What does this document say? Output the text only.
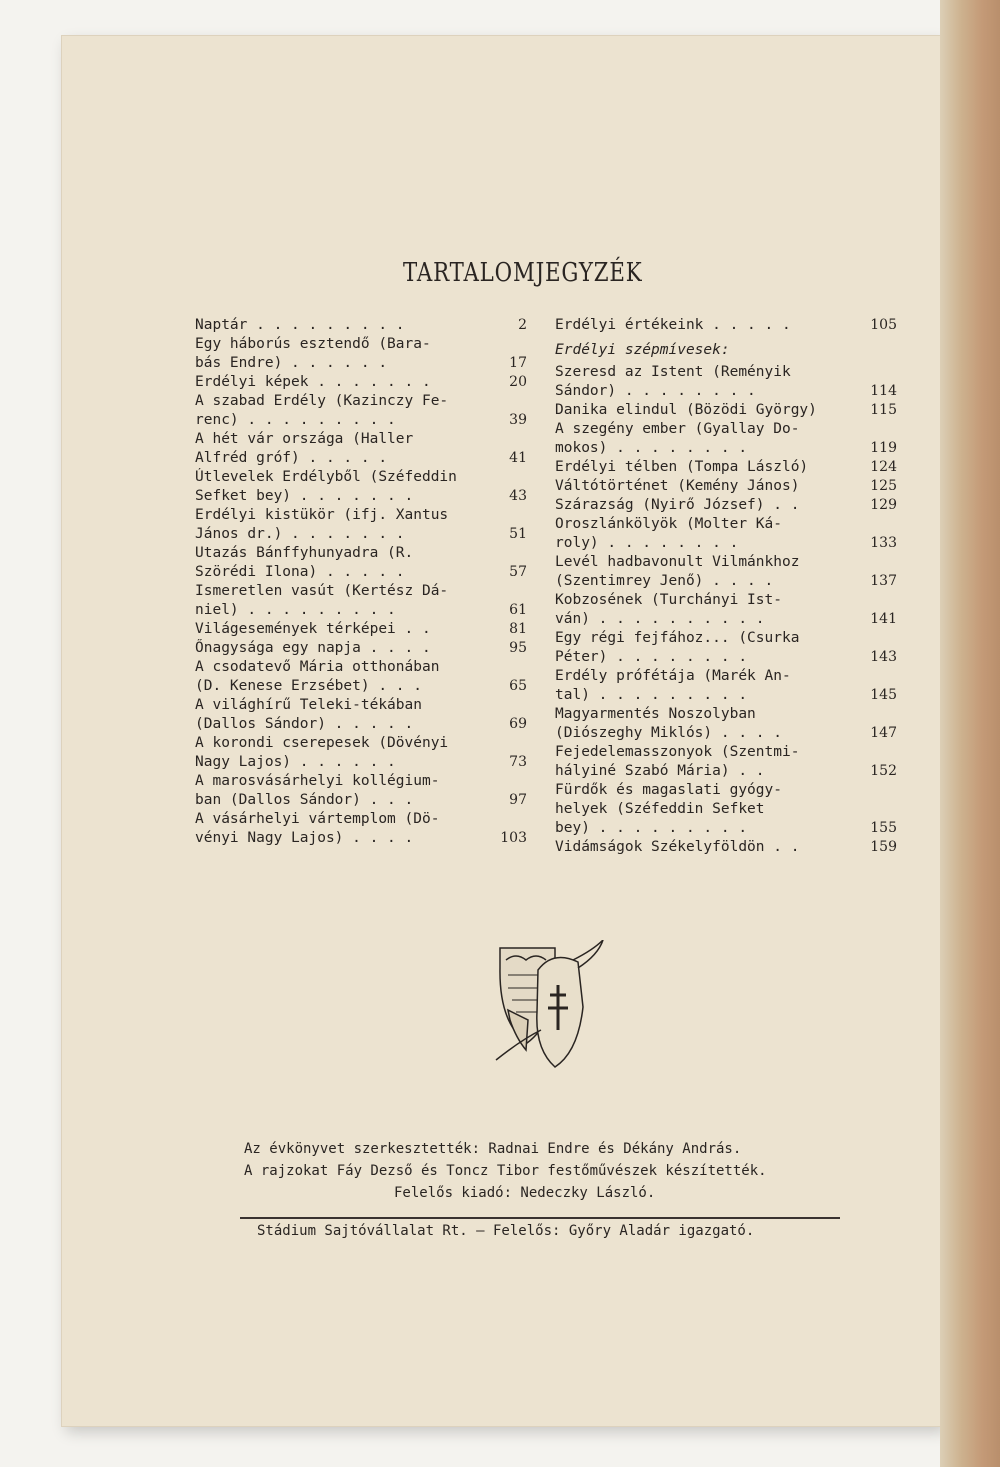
TARTALOMJEGYZÉK
Naptár . . . . . . . . .	2
Egy háborús esztendő (Bara-
bás Endre) . . . . . .	17
Erdélyi képek . . . . . . .	20
A szabad Erdély (Kazinczy Fe-
renc) . . . . . . . . .	39
A hét vár országa (Haller
Alfréd gróf) . . . . .	41
Útlevelek Erdélyből (Széfeddin
Sefket bey) . . . . . . .	43
Erdélyi kistükör (ifj. Xantus
János dr.) . . . . . . .	51
Utazás Bánffyhunyadra (R.
Szörédi Ilona) . . . . .	57
Ismeretlen vasút (Kertész Dá-
niel) . . . . . . . . .	61
Világesemények térképei . .	81
Őnagysága egy napja . . . .	95
A csodatevő Mária otthonában
(D. Kenese Erzsébet) . . .	65
A világhírű Teleki-tékában
(Dallos Sándor) . . . . .	69
A korondi cserepesek (Dövényi
Nagy Lajos) . . . . . .	73
A marosvásárhelyi kollégium-
ban (Dallos Sándor) . . .	97
A vásárhelyi vártemplom (Dö-
vényi Nagy Lajos) . . . .	103
Erdélyi értékeink . . . . .	105
Erdélyi szépmívesek:
Szeresd az Istent (Reményik
Sándor) . . . . . . . .	114
Danika elindul (Bözödi György)	115
A szegény ember (Gyallay Do-
mokos) . . . . . . . .	119
Erdélyi télben (Tompa László)	124
Váltótörténet (Kemény János)	125
Szárazság (Nyirő József) . .	129
Oroszlánkölyök (Molter Ká-
roly) . . . . . . . .	133
Levél hadbavonult Vilmánkhoz
(Szentimrey Jenő) . . . .	137
Kobzosének (Turchányi Ist-
ván) . . . . . . . . . .	141
Egy régi fejfához... (Csurka
Péter) . . . . . . . .	143
Erdély prófétája (Marék An-
tal) . . . . . . . . .	145
Magyarmentés Noszolyban
(Diószeghy Miklós) . . . .	147
Fejedelemasszonyok (Szentmi-
hályiné Szabó Mária) . .	152
Fürdők és magaslati gyógy-
helyek (Széfeddin Sefket
bey) . . . . . . . . .	155
Vidámságok Székelyföldön . .	159

Az évkönyvet szerkesztették: Radnai Endre és Dékány András.

A rajzokat Fáy Dezső és Toncz Tibor festőművészek készítették.

Felelős kiadó: Nedeczky László.

Stádium Sajtóvállalat Rt. — Felelős: Győry Aladár igazgató.
